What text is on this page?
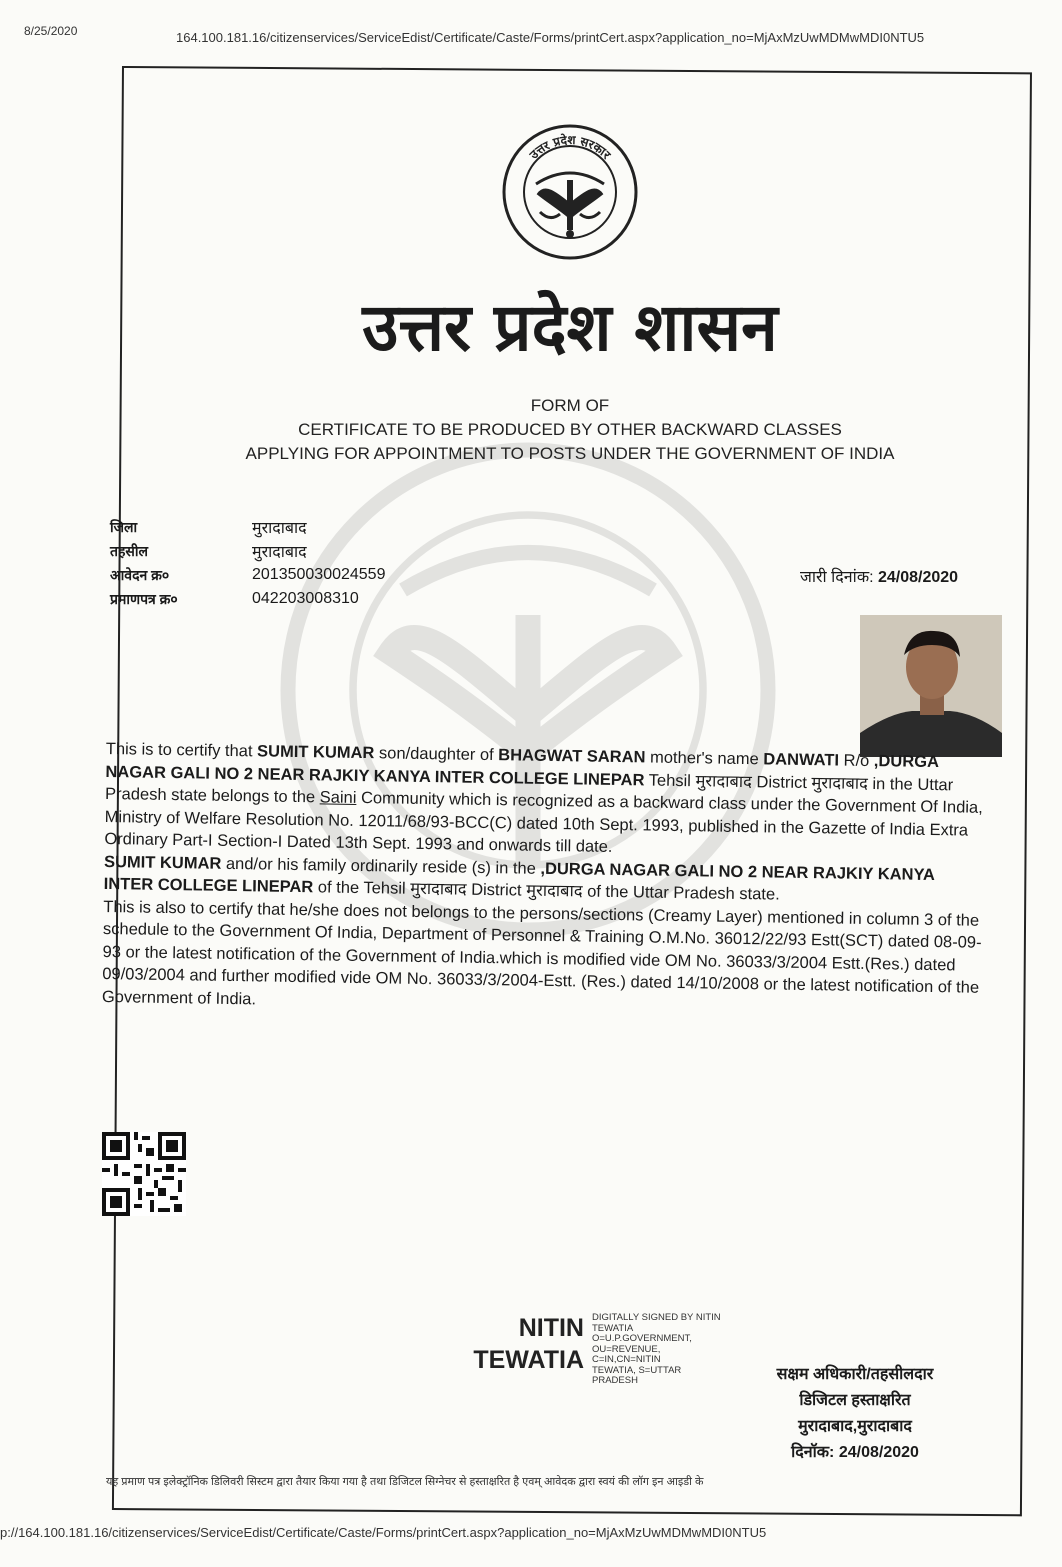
8/25/2020	164.100.181.16/citizenservices/ServiceEdist/Certificate/Caste/Forms/printCert.aspx?application_no=MjAxMzUwMDMwMDI0NTU5
उत्तर प्रदेश सरकार
उत्तर प्रदेश शासन
FORM OF
CERTIFICATE TO BE PRODUCED BY OTHER BACKWARD CLASSES
APPLYING FOR APPOINTMENT TO POSTS UNDER THE GOVERNMENT OF INDIA
जिला	मुरादाबाद
तहसील	मुरादाबाद
आवेदन क्र०	201350030024559
प्रमाणपत्र क्र०	042203008310
जारी दिनांक: 24/08/2020

This is to certify that SUMIT KUMAR son/daughter of BHAGWAT SARAN mother's name DANWATI R/o ,DURGA NAGAR GALI NO 2 NEAR RAJKIY KANYA INTER COLLEGE LINEPAR Tehsil मुरादाबाद District मुरादाबाद in the Uttar Pradesh state belongs to the Saini Community which is recognized as a backward class under the Government Of India, Ministry of Welfare Resolution No. 12011/68/93-BCC(C) dated 10th Sept. 1993, published in the Gazette of India Extra Ordinary Part-I Section-I Dated 13th Sept. 1993 and onwards till date.

SUMIT KUMAR and/or his family ordinarily reside (s) in the ,DURGA NAGAR GALI NO 2 NEAR RAJKIY KANYA INTER COLLEGE LINEPAR of the Tehsil मुरादाबाद District मुरादाबाद of the Uttar Pradesh state.

This is also to certify that he/she does not belongs to the persons/sections (Creamy Layer) mentioned in column 3 of the schedule to the Government Of India, Department of Personnel & Training O.M.No. 36012/22/93 Estt(SCT) dated 08-09-93 or the latest notification of the Government of India.which is modified vide OM No. 36033/3/2004 Estt.(Res.) dated 09/03/2004 and further modified vide OM No. 36033/3/2004-Estt. (Res.) dated 14/10/2008 or the latest notification of the Government of India.

NITIN
TEWATIA
DIGITALLY SIGNED BY NITIN
TEWATIA
O=U.P.GOVERNMENT,
OU=REVENUE,
C=IN,CN=NITIN
TEWATIA, S=UTTAR
PRADESH	सक्षम अधिकारी/तहसीलदार
डिजिटल हस्ताक्षरित
मुरादाबाद,मुरादाबाद
दिनॉक: 24/08/2020
यह प्रमाण पत्र इलेक्ट्रॉनिक डिलिवरी सिस्टम द्वारा तैयार किया गया है तथा डिजिटल सिग्नेचर से हस्ताक्षरित है एवम् आवेदक द्वारा स्वयं की लॉग इन आइडी के
p://164.100.181.16/citizenservices/ServiceEdist/Certificate/Caste/Forms/printCert.aspx?application_no=MjAxMzUwMDMwMDI0NTU5
